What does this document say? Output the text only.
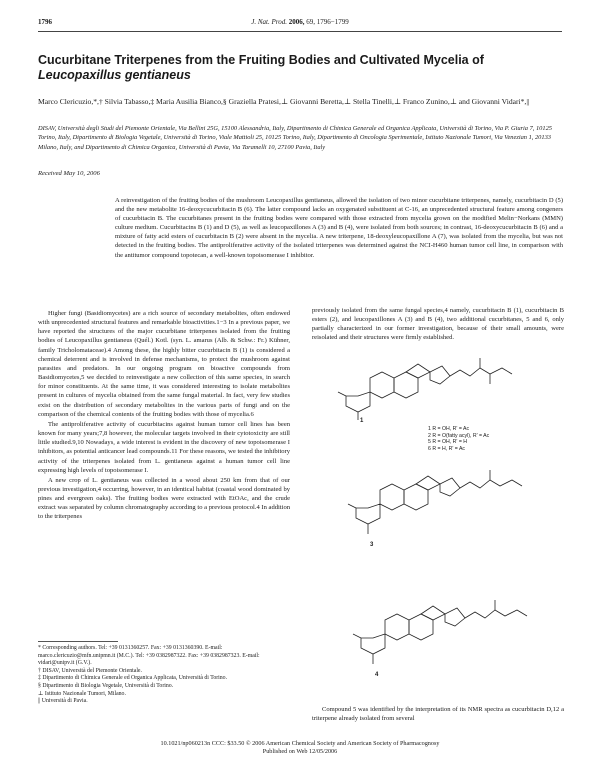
1796	J. Nat. Prod. 2006, 69, 1796−1799
Cucurbitane Triterpenes from the Fruiting Bodies and Cultivated Mycelia of Leucopaxillus gentianeus
Marco Clericuzio,*,† Silvia Tabasso,‡ Maria Ausilia Bianco,§ Graziella Pratesi,⊥ Giovanni Beretta,⊥ Stella Tinelli,⊥ Franco Zunino,⊥ and Giovanni Vidari*,||
DISAV, Università degli Studi del Piemonte Orientale, Via Bellini 25G, 15100 Alessandria, Italy, Dipartimento di Chimica Generale ed Organica Applicata, Università di Torino, Via P. Giuria 7, 10125 Torino, Italy, Dipartimento di Biologia Vegetale, Università di Torino, Viale Mattioli 25, 10125 Torino, Italy, Dipartimento di Oncologia Sperimentale, Istituto Nazionale Tumori, Via Venezian 1, 20133 Milano, Italy, and Dipartimento di Chimica Organica, Università di Pavia, Via Taramelli 10, 27100 Pavia, Italy
Received May 10, 2006
A reinvestigation of the fruiting bodies of the mushroom Leucopaxillus gentianeus, allowed the isolation of two minor cucurbitane triterpenes, namely, cucurbitacin D (5) and the new metabolite 16-deoxycucurbitacin B (6). The latter compound lacks an oxygenated substituent at C-16, an unprecedented structural feature among congeners of cucurbitacin B. The cucurbitanes present in the fruiting bodies were compared with those extracted from mycelia grown on the modified Melin−Norkans (MMN) culture medium. Cucurbitacins B (1) and D (5), as well as leucopaxillones A (3) and B (4), were isolated from both sources; in contrast, 16-deoxycucurbitacin B (6) and a mixture of fatty acid esters of cucurbitacin B (2) were absent in the mycelia. A new triterpene, 18-deoxyleucopaxillone A (7), was isolated from the mycelia, but was not detected in the fruiting bodies. The antiproliferative activity of the isolated triterpenes was determined against the NCI-H460 human tumor cell line, in comparison with the antitumor compound topotecan, a well-known topoisomerase I inhibitor.

Higher fungi (Basidiomycetes) are a rich source of secondary metabolites, often endowed with unprecedented structural features and remarkable bioactivities.1−3 In a previous paper, we have reported the structures of the major cucurbitane triterpenes isolated from the fruiting bodies of Leucopaxillus gentianeus (Quél.) Kotl. (syn. L. amarus (Alb. & Schw.: Fr.) Kühner, family Tricholomataceae).4 Among these, the highly bitter cucurbitacin B (1) is considered a chemical deterrent and is involved in defense mechanisms, to protect the mushroom against parasites and predators. In our ongoing program on bioactive compounds from Basidiomycetes,5 we decided to reinvestigate a new collection of this same species, in search for minor constituents. At the same time, it was considered interesting to isolate metabolites present in cultures of mycelia obtained from the same fungal material. In fact, very few studies exist on the distribution of secondary metabolites in the various parts of fungi and on the comparison of the chemical contents of the fruiting bodies with those of mycelia.6

The antiproliferative activity of cucurbitacins against human tumor cell lines has been known for many years;7,8 however, the molecular targets involved in their cytotoxicity are still little studied.9,10 Nowadays, a wide interest is evident in the discovery of new topoisomerase I inhibitors, as potential anticancer lead compounds.11 For these reasons, we tested the inhibitory activity of the triterpenes isolated from L. gentianeus against a human tumor cell line expressing high levels of topoisomerase I.

A new crop of L. gentianeus was collected in a wood about 250 km from that of our previous investigation,4 occurring, however, in an identical habitat (coastal wood dominated by pines and evergreen oaks). The fruiting bodies were extracted with EtOAc, and the crude extract was separated by column chromatography according to a previous protocol.4 In addition to the triterpenes

* Corresponding authors. Tel: +39 0131360257. Fax: +39 0131360390. E-mail: marco.clericuzio@mfn.unipmn.it (M.C.). Tel: +39 0382987322. Fax: +39 0382987323. E-mail: vidari@unipv.it (G.V.).
† DISAV, Università del Piemonte Orientale.
‡ Dipartimento di Chimica Generale ed Organica Applicata, Università di Torino.
§ Dipartimento di Biologia Vegetale, Università di Torino.
⊥ Istituto Nazionale Tumori, Milano.
|| Università di Pavia.
previously isolated from the same fungal species,4 namely, cucurbitacin B (1), cucurbitacin B esters (2), and leucopaxillones A (3) and B (4), two additional cucurbitanes, 5 and 6, only partially characterized in our former investigation, because of their small amounts, were reisolated and their structures were firmly established.
1 R = OH, R' = Ac
2 R = O(fatty acyl), R' = Ac
5 R = OH, R' = H
6 R = H, R' = Ac
1
3
4
Compound 5 was identified by the interpretation of its NMR spectra as cucurbitacin D,12 a triterpene already isolated from several
10.1021/np060213n CCC: $33.50 © 2006 American Chemical Society and American Society of Pharmacognosy
Published on Web 12/05/2006
